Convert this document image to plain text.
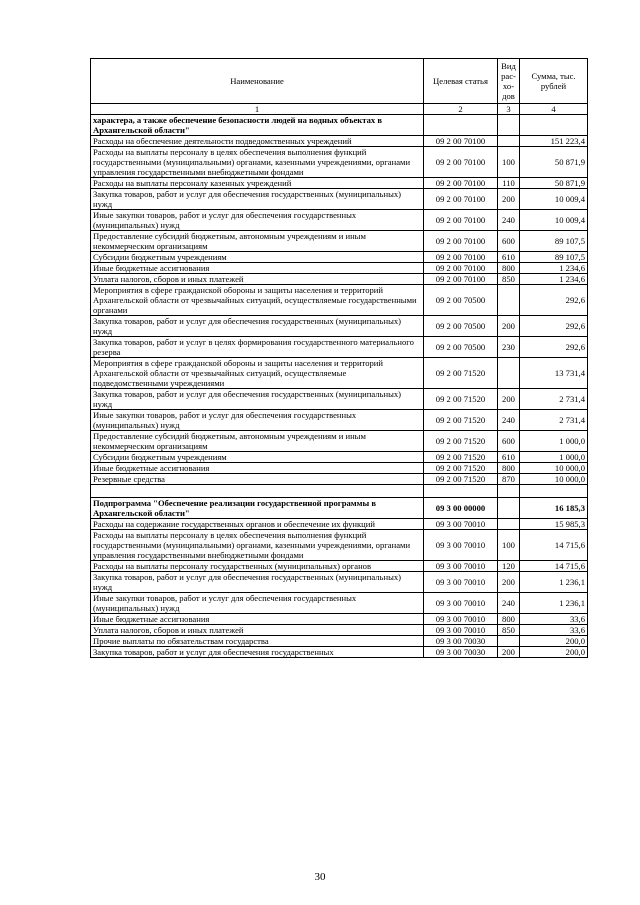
Наименование	Целевая статья	Вид рас-хо-дов	Сумма, тыс. рублей
1	2	3	4
характера, а также обеспечение безопасности людей на водных объектах в Архангельской области"			
Расходы на обеспечение деятельности подведомственных учреждений	09 2 00 70100		151 223,4
Расходы на выплаты персоналу в целях обеспечения выполнения функций государственными (муниципальными) органами, казенными учреждениями, органами управления государственными внебюджетными фондами	09 2 00 70100	100	50 871,9
Расходы на выплаты персоналу казенных учреждений	09 2 00 70100	110	50 871,9
Закупка товаров, работ и услуг для обеспечения государственных (муниципальных) нужд	09 2 00 70100	200	10 009,4
Иные закупки товаров, работ и услуг для обеспечения государственных (муниципальных) нужд	09 2 00 70100	240	10 009,4
Предоставление субсидий бюджетным, автономным учреждениям и иным некоммерческим организациям	09 2 00 70100	600	89 107,5
Субсидии бюджетным учреждениям	09 2 00 70100	610	89 107,5
Иные бюджетные ассигнования	09 2 00 70100	800	1 234,6
Уплата налогов, сборов и иных платежей	09 2 00 70100	850	1 234,6
Мероприятия в сфере гражданской обороны и защиты населения и территорий Архангельской области от чрезвычайных ситуаций, осуществляемые государственными органами	09 2 00 70500		292,6
Закупка товаров, работ и услуг для обеспечения государственных (муниципальных) нужд	09 2 00 70500	200	292,6
Закупка товаров, работ и услуг в целях формирования государственного материального резерва	09 2 00 70500	230	292,6
Мероприятия в сфере гражданской обороны и защиты населения и территорий Архангельской области от чрезвычайных ситуаций, осуществляемые подведомственными учреждениями	09 2 00 71520		13 731,4
Закупка товаров, работ и услуг для обеспечения государственных (муниципальных) нужд	09 2 00 71520	200	2 731,4
Иные закупки товаров, работ и услуг для обеспечения государственных (муниципальных) нужд	09 2 00 71520	240	2 731,4
Предоставление субсидий бюджетным, автономным учреждениям и иным некоммерческим организациям	09 2 00 71520	600	1 000,0
Субсидии бюджетным учреждениям	09 2 00 71520	610	1 000,0
Иные бюджетные ассигнования	09 2 00 71520	800	10 000,0
Резервные средства	09 2 00 71520	870	10 000,0

Подпрограмма "Обеспечение реализации государственной программы в Архангельской области"	09 3 00 00000		16 185,3
Расходы на содержание государственных органов и обеспечение их функций	09 3 00 70010		15 985,3
Расходы на выплаты персоналу в целях обеспечения выполнения функций государственными (муниципальными) органами, казенными учреждениями, органами управления государственными внебюджетными фондами	09 3 00 70010	100	14 715,6
Расходы на выплаты персоналу государственных (муниципальных) органов	09 3 00 70010	120	14 715,6
Закупка товаров, работ и услуг для обеспечения государственных (муниципальных) нужд	09 3 00 70010	200	1 236,1
Иные закупки товаров, работ и услуг для обеспечения государственных (муниципальных) нужд	09 3 00 70010	240	1 236,1
Иные бюджетные ассигнования	09 3 00 70010	800	33,6
Уплата налогов, сборов и иных платежей	09 3 00 70010	850	33,6
Прочие выплаты по обязательствам государства	09 3 00 70030		200,0
Закупка товаров, работ и услуг для обеспечения государственных	09 3 00 70030	200	200,0
30
